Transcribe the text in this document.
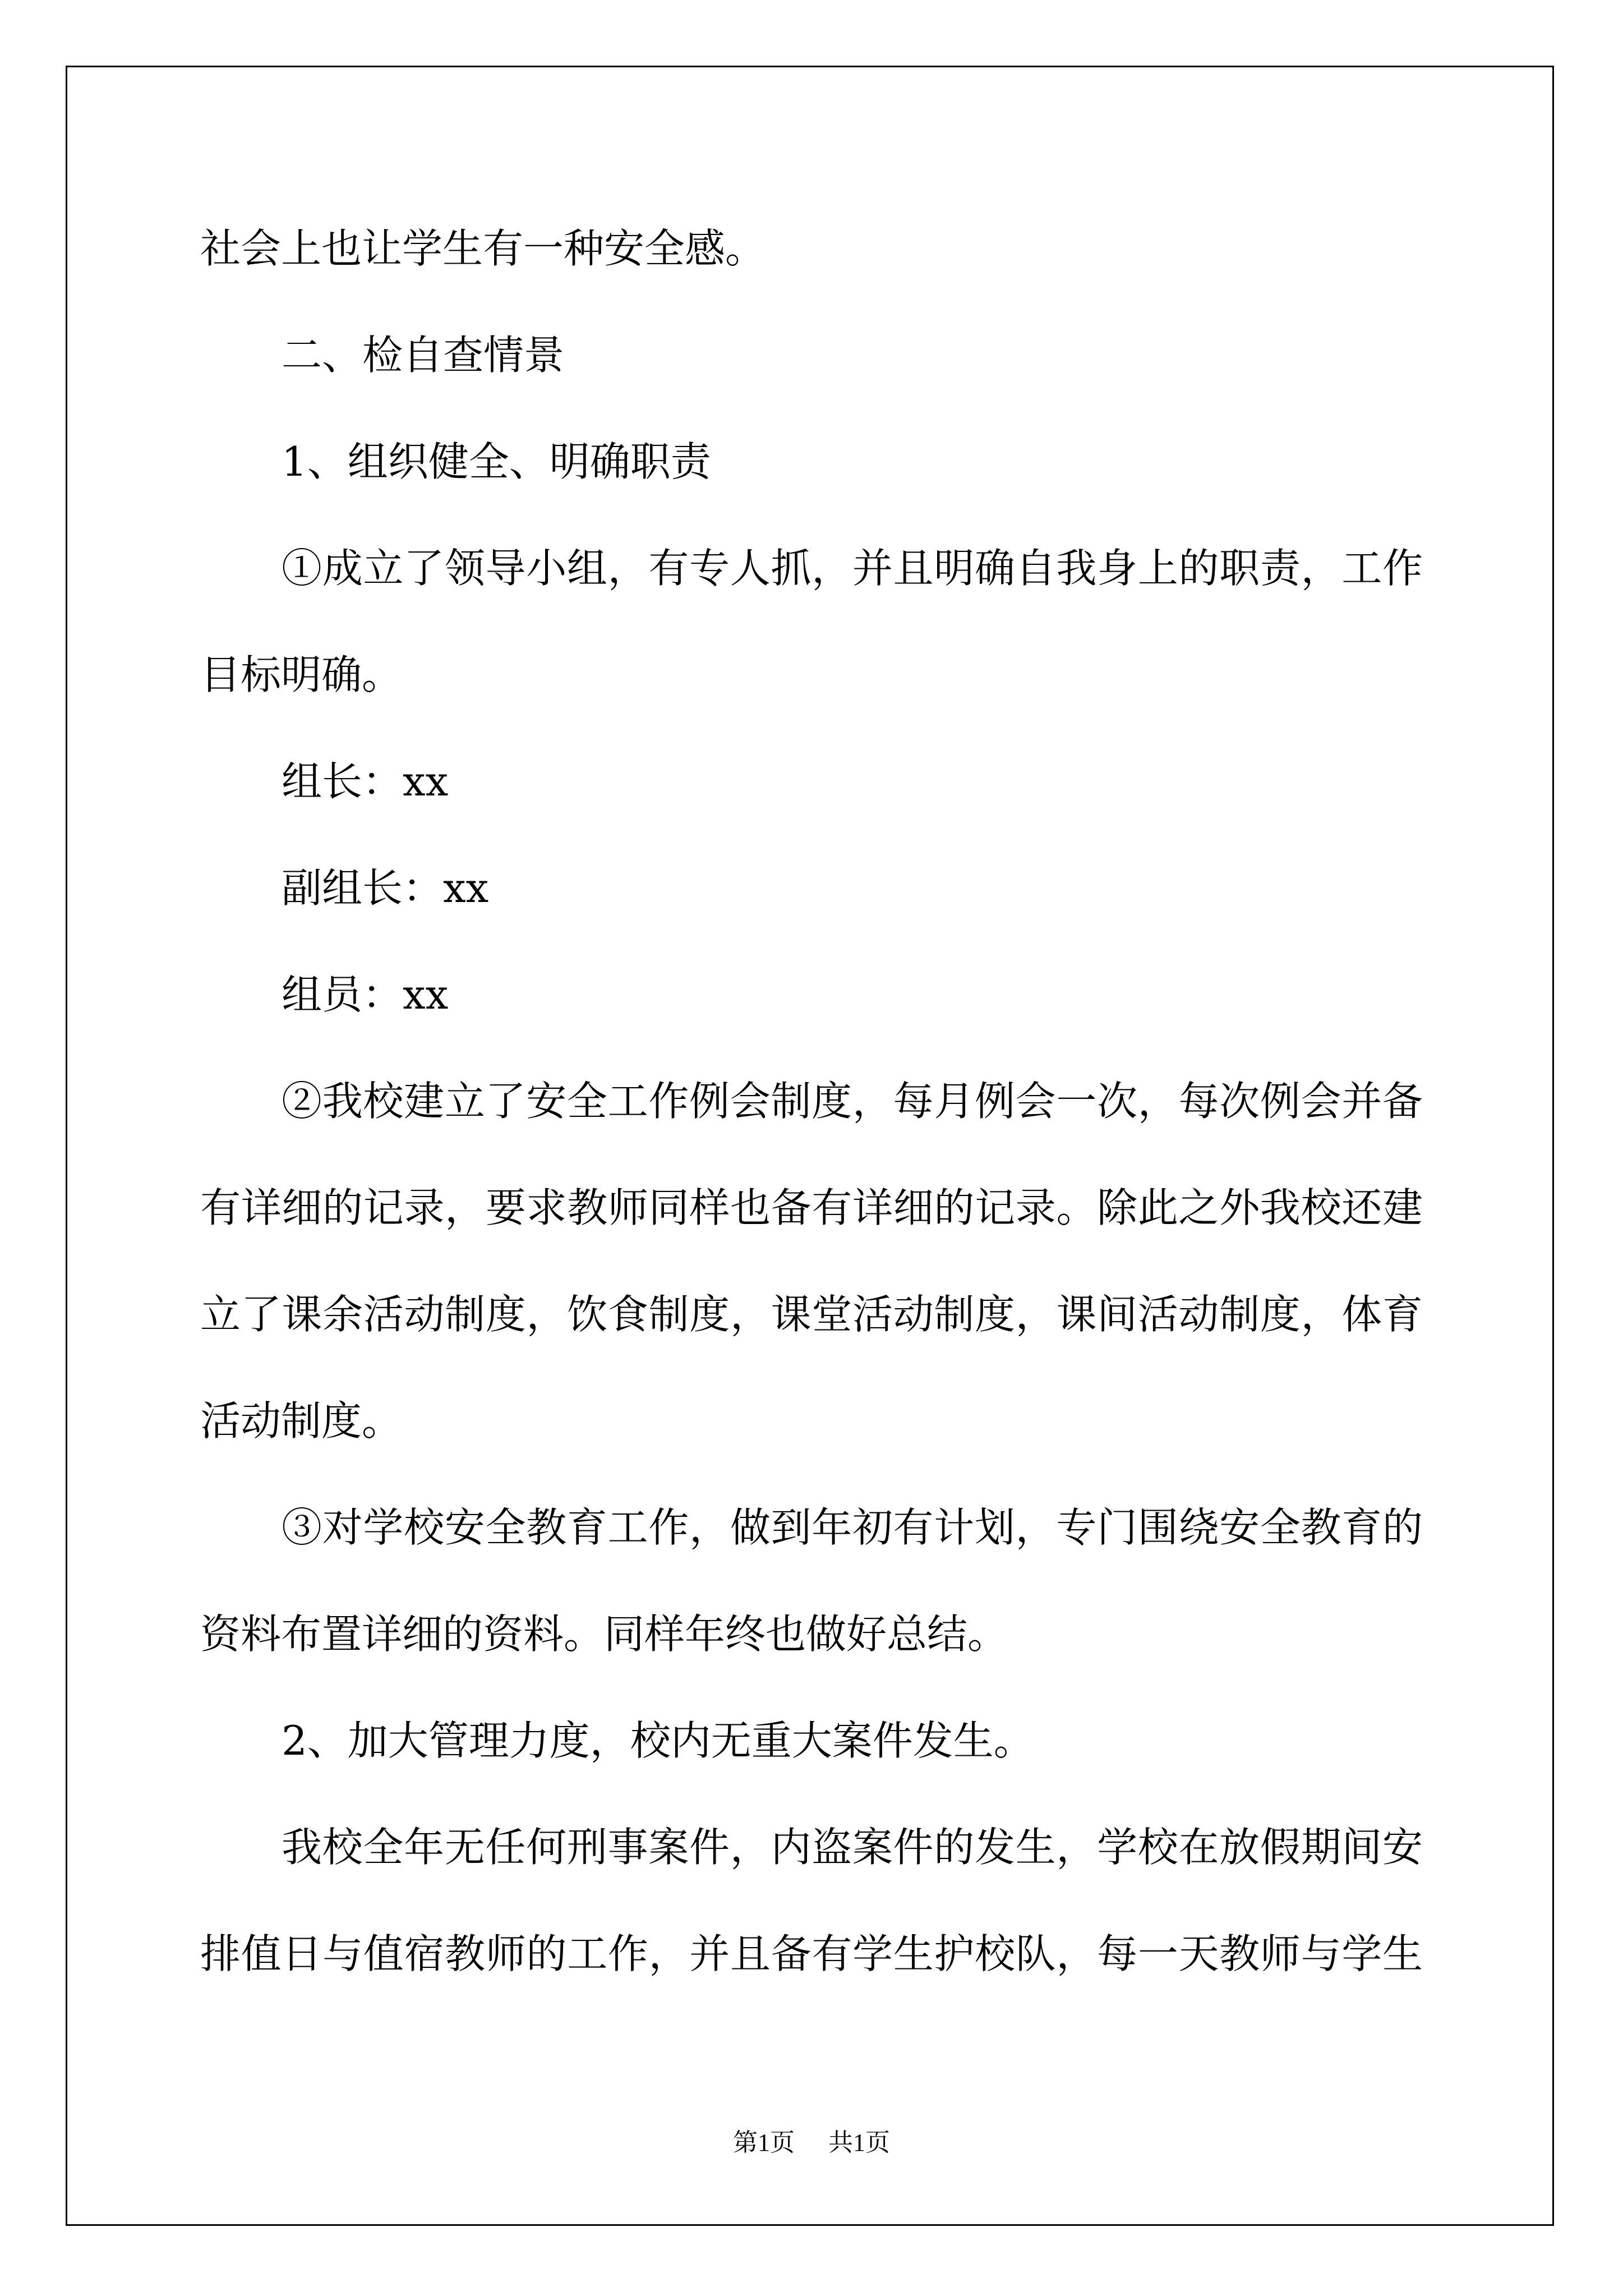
社会上也让学生有一种安全感。
二、检自查情景
1、组织健全、明确职责
①成立了领导小组，有专人抓，并且明确自我身上的职责，工作
目标明确。
组长：xx
副组长：xx
组员：xx
②我校建立了安全工作例会制度，每月例会一次，每次例会并备
有详细的记录，要求教师同样也备有详细的记录。除此之外我校还建
立了课余活动制度，饮食制度，课堂活动制度，课间活动制度，体育
活动制度。
③对学校安全教育工作，做到年初有计划，专门围绕安全教育的
资料布置详细的资料。同样年终也做好总结。
2、加大管理力度，校内无重大案件发生。
我校全年无任何刑事案件，内盗案件的发生，学校在放假期间安
排值日与值宿教师的工作，并且备有学生护校队，每一天教师与学生
第1页 共1页
